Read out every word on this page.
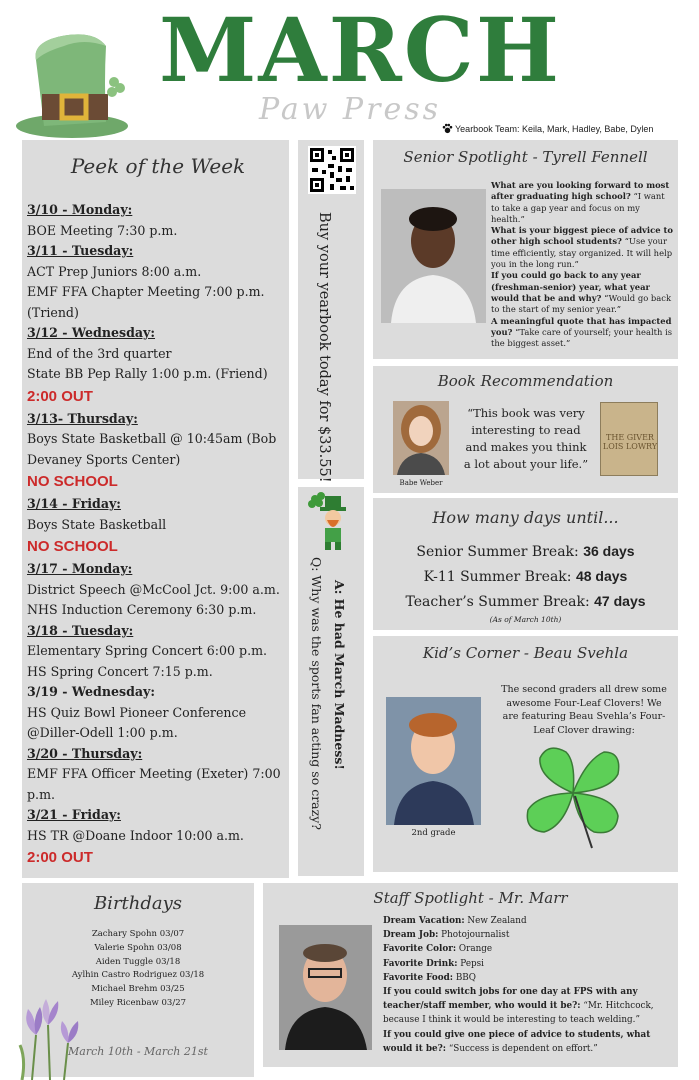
MARCH
Paw Press
Yearbook Team: Keila, Mark, Hadley, Babe, Dylen
Peek of the Week
3/10 - Monday:
BOE Meeting 7:30 p.m.
3/11 - Tuesday:
ACT Prep Juniors 8:00 a.m.
EMF FFA Chapter Meeting 7:00 p.m. (Triend)
3/12 - Wednesday:
End of the 3rd quarter
State BB Pep Rally 1:00 p.m. (Friend)
2:00 OUT
3/13- Thursday:
Boys State Basketball @ 10:45am (Bob Devaney Sports Center)
NO SCHOOL
3/14 - Friday:
Boys State Basketball
NO SCHOOL
3/17 - Monday:
District Speech @McCool Jct. 9:00 a.m.
NHS Induction Ceremony 6:30 p.m.
3/18 - Tuesday:
Elementary Spring Concert 6:00 p.m.
HS Spring Concert 7:15 p.m.
3/19 - Wednesday:
HS Quiz Bowl Pioneer Conference @Diller-Odell 1:00 p.m.
3/20 - Thursday:
EMF FFA Officer Meeting (Exeter) 7:00 p.m.
3/21 - Friday:
HS TR @Doane Indoor 10:00 a.m.
2:00 OUT
Buy your yearbook today for $33.55!
Q: Why was the sports fan acting so crazy? A: He had March Madness!
Senior Spotlight - Tyrell Fennell
What are you looking forward to most after graduating high school? “I want to take a gap year and focus on my health.”
What is your biggest piece of advice to other high school students? “Use your time efficiently, stay organized. It will help you in the long run.”
If you could go back to any year (freshman-senior) year, what year would that be and why? “Would go back to the start of my senior year.”
A meaningful quote that has impacted you? “Take care of yourself; your health is the biggest asset.”
Book Recommendation
Babe Weber
“This book was very interesting to read and makes you think a lot about your life.”
THE GIVER LOIS LOWRY
How many days until...
Senior Summer Break: 36 days
K-11 Summer Break: 48 days
Teacher’s Summer Break: 47 days
(As of March 10th)
Kid’s Corner - Beau Svehla
2nd grade
The second graders all drew some awesome Four-Leaf Clovers! We are featuring Beau Svehla’s Four-Leaf Clover drawing:
Birthdays
Zachary Spohn 03/07
Valerie Spohn 03/08
Aiden Tuggle 03/18
Aylhin Castro Rodriguez 03/18
Michael Brehm 03/25
Miley Ricenbaw 03/27
March 10th - March 21st
Staff Spotlight - Mr. Marr
Dream Vacation: New Zealand
Dream Job: Photojournalist
Favorite Color: Orange
Favorite Drink: Pepsi
Favorite Food: BBQ
If you could switch jobs for one day at FPS with any teacher/staff member, who would it be?: “Mr. Hitchcock, because I think it would be interesting to teach welding.”
If you could give one piece of advice to students, what would it be?: “Success is dependent on effort.”
